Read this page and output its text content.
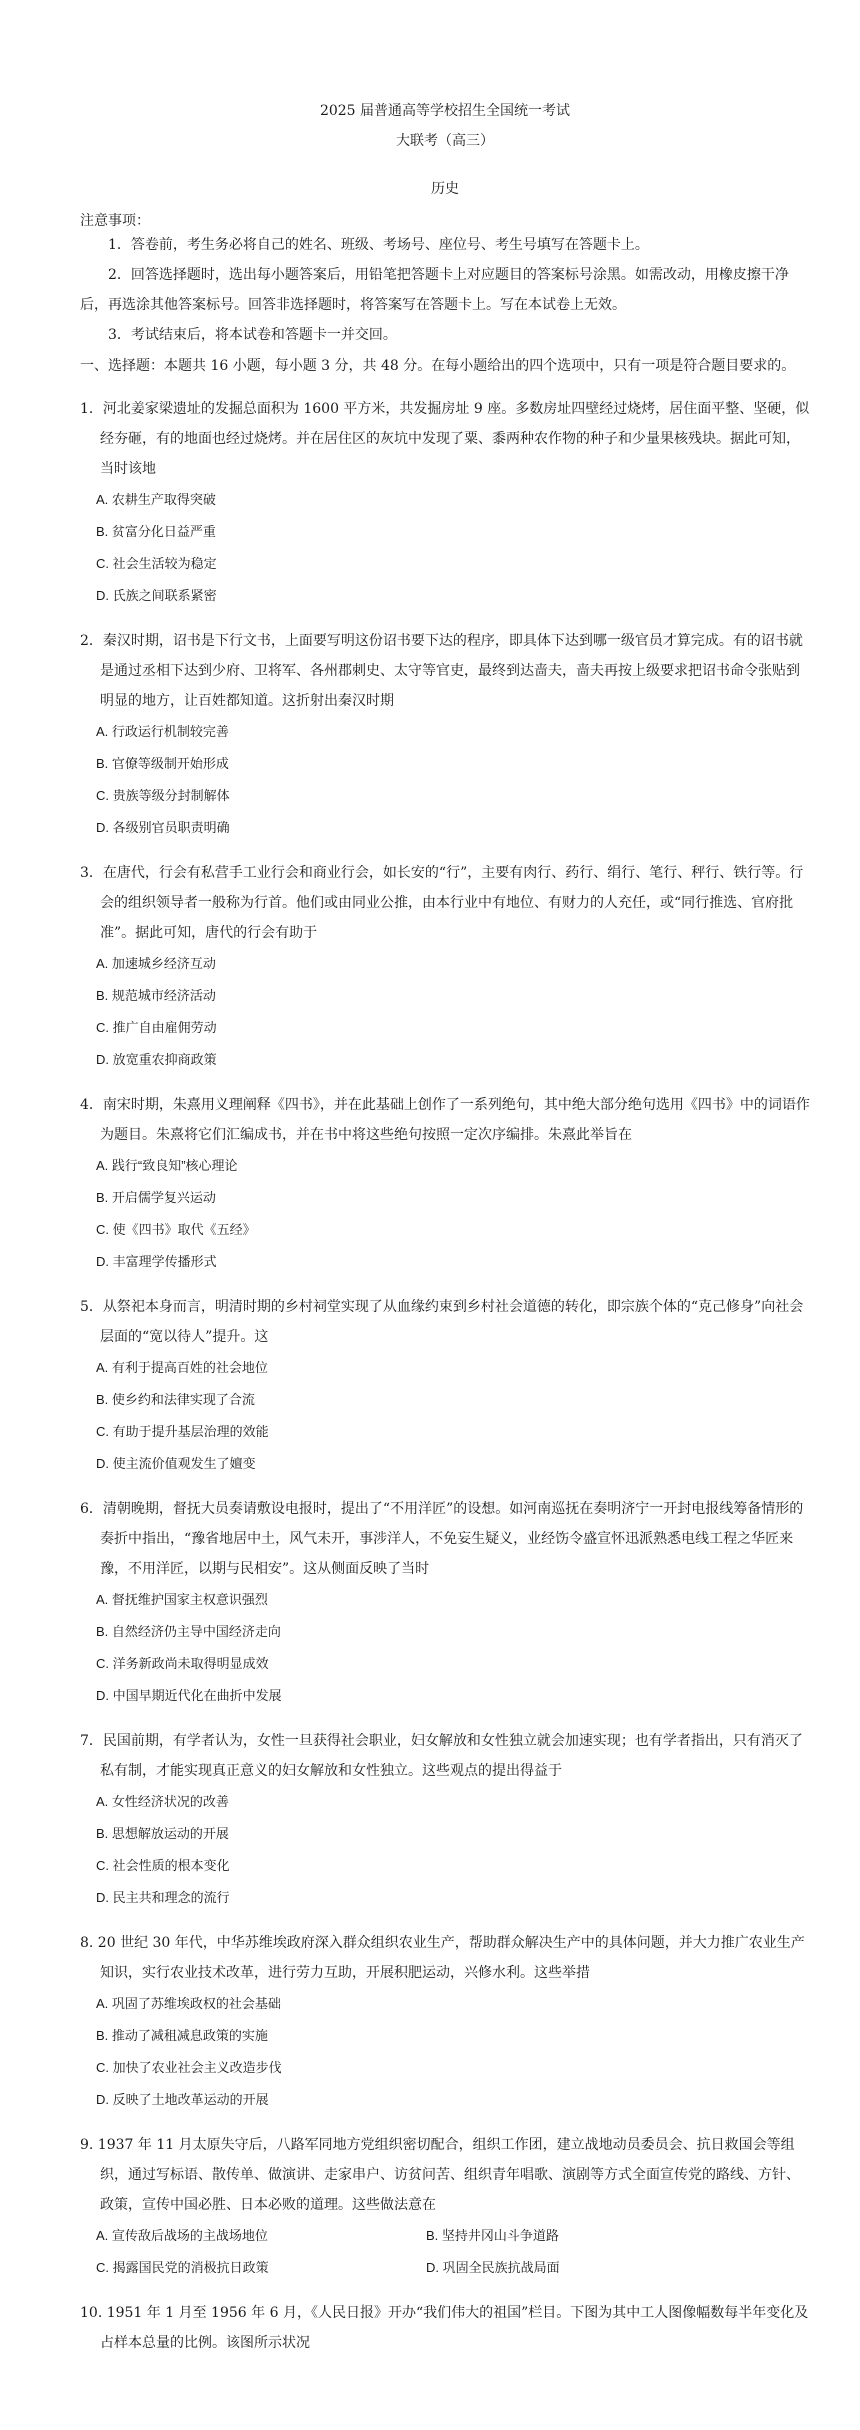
2025 届普通高等学校招生全国统一考试
大联考（高三）
历史
注意事项：
1．答卷前，考生务必将自己的姓名、班级、考场号、座位号、考生号填写在答题卡上。
2．回答选择题时，选出每小题答案后，用铅笔把答题卡上对应题目的答案标号涂黑。如需改动，用橡皮擦干净后，再选涂其他答案标号。回答非选择题时，将答案写在答题卡上。写在本试卷上无效。
3．考试结束后，将本试卷和答题卡一并交回。
一、选择题：本题共 16 小题，每小题 3 分，共 48 分。在每小题给出的四个选项中，只有一项是符合题目要求的。
1．河北姜家梁遗址的发掘总面积为 1600 平方米，共发掘房址 9 座。多数房址四壁经过烧烤，居住面平整、坚硬，似经夯砸，有的地面也经过烧烤。并在居住区的灰坑中发现了粟、黍两种农作物的种子和少量果核残块。据此可知，当时该地
A. 农耕生产取得突破
B. 贫富分化日益严重
C. 社会生活较为稳定
D. 氏族之间联系紧密
2．秦汉时期，诏书是下行文书，上面要写明这份诏书要下达的程序，即具体下达到哪一级官员才算完成。有的诏书就是通过丞相下达到少府、卫将军、各州郡刺史、太守等官吏，最终到达啬夫，啬夫再按上级要求把诏书命令张贴到明显的地方，让百姓都知道。这折射出秦汉时期
A. 行政运行机制较完善
B. 官僚等级制开始形成
C. 贵族等级分封制解体
D. 各级别官员职责明确
3．在唐代，行会有私营手工业行会和商业行会，如长安的“行”，主要有肉行、药行、绢行、笔行、秤行、铁行等。行会的组织领导者一般称为行首。他们或由同业公推，由本行业中有地位、有财力的人充任，或“同行推选、官府批准”。据此可知，唐代的行会有助于
A. 加速城乡经济互动
B. 规范城市经济活动
C. 推广自由雇佣劳动
D. 放宽重农抑商政策
4．南宋时期，朱熹用义理阐释《四书》，并在此基础上创作了一系列绝句，其中绝大部分绝句选用《四书》中的词语作为题目。朱熹将它们汇编成书，并在书中将这些绝句按照一定次序编排。朱熹此举旨在
A. 践行“致良知”核心理论
B. 开启儒学复兴运动
C. 使《四书》取代《五经》
D. 丰富理学传播形式
5．从祭祀本身而言，明清时期的乡村祠堂实现了从血缘约束到乡村社会道德的转化，即宗族个体的“克己修身”向社会层面的“宽以待人”提升。这
A. 有利于提高百姓的社会地位
B. 使乡约和法律实现了合流
C. 有助于提升基层治理的效能
D. 使主流价值观发生了嬗变
6．清朝晚期，督抚大员奏请敷设电报时，提出了“不用洋匠”的设想。如河南巡抚在奏明济宁一开封电报线筹备情形的奏折中指出，“豫省地居中土，风气未开，事涉洋人，不免妄生疑义，业经饬令盛宣怀迅派熟悉电线工程之华匠来豫，不用洋匠，以期与民相安”。这从侧面反映了当时
A. 督抚维护国家主权意识强烈
B. 自然经济仍主导中国经济走向
C. 洋务新政尚未取得明显成效
D. 中国早期近代化在曲折中发展
7．民国前期，有学者认为，女性一旦获得社会职业，妇女解放和女性独立就会加速实现；也有学者指出，只有消灭了私有制，才能实现真正意义的妇女解放和女性独立。这些观点的提出得益于
A. 女性经济状况的改善
B. 思想解放运动的开展
C. 社会性质的根本变化
D. 民主共和理念的流行
8. 20 世纪 30 年代，中华苏维埃政府深入群众组织农业生产，帮助群众解决生产中的具体问题，并大力推广农业生产知识，实行农业技术改革，进行劳力互助，开展积肥运动，兴修水利。这些举措
A. 巩固了苏维埃政权的社会基础
B. 推动了减租减息政策的实施
C. 加快了农业社会主义改造步伐
D. 反映了土地改革运动的开展
9. 1937 年 11 月太原失守后，八路军同地方党组织密切配合，组织工作团，建立战地动员委员会、抗日救国会等组织，通过写标语、散传单、做演讲、走家串户、访贫问苦、组织青年唱歌、演剧等方式全面宣传党的路线、方针、政策，宣传中国必胜、日本必败的道理。这些做法意在
A. 宣传敌后战场的主战场地位	B. 坚持井冈山斗争道路
C. 揭露国民党的消极抗日政策	D. 巩固全民族抗战局面
10. 1951 年 1 月至 1956 年 6 月，《人民日报》开办“我们伟大的祖国”栏目。下图为其中工人图像幅数每半年变化及占样本总量的比例。该图所示状况
